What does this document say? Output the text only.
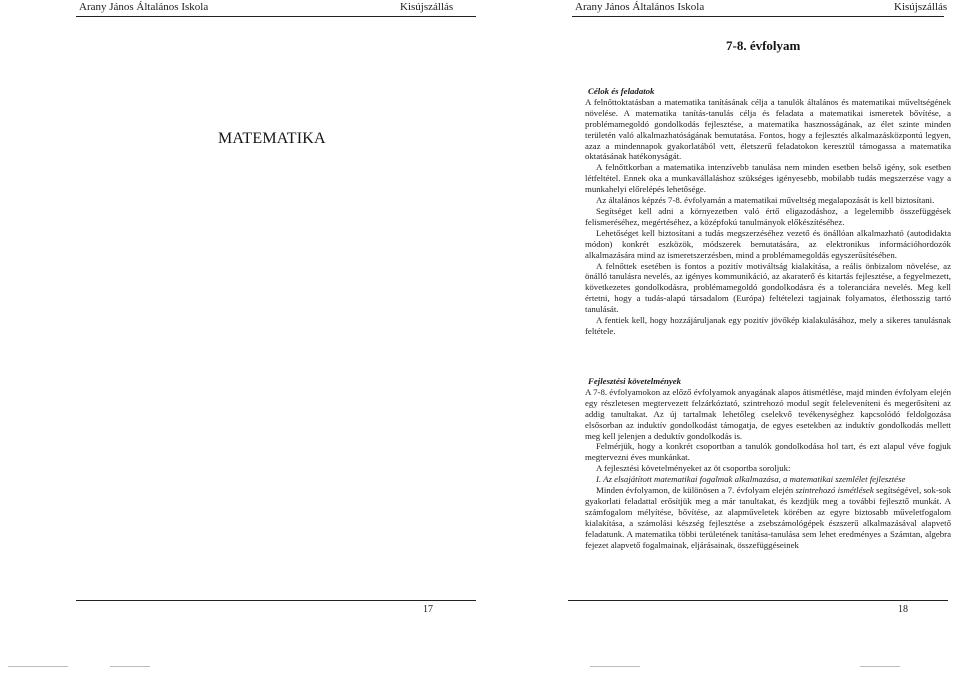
Arany János Általános Iskola	Kisújszállás
MATEMATIKA
17
Arany János Általános Iskola	Kisújszállás
7-8. évfolyam

Célok és feladatok

A felnőttoktatásban a matematika tanításának célja a tanulók általános és matematikai műveltségének növelése. A matematika tanítás-tanulás célja és feladata a matematikai ismeretek bővítése, a problémamegoldó gondolkodás fejlesztése, a matematika hasznosságának, az élet szinte minden területén való alkalmazhatóságának bemutatása. Fontos, hogy a fejlesztés alkalmazásközpontú legyen, azaz a mindennapok gyakorlatából vett, életszerű feladatokon keresztül támogassa a matematika oktatásának hatékonyságát.

A felnőttkorban a matematika intenzívebb tanulása nem minden esetben belső igény, sok esetben létfeltétel. Ennek oka a munkavállaláshoz szükséges igényesebb, mobilabb tudás megszerzése vagy a munkahelyi előrelépés lehetősége.

Az általános képzés 7-8. évfolyamán a matematikai műveltség megalapozását is kell biztosítani.

Segítséget kell adni a környezetben való értő eligazodáshoz, a legelemibb összefüggések felismeréséhez, megértéséhez, a középfokú tanulmányok előkészítéséhez.

Lehetőséget kell biztosítani a tudás megszerzéséhez vezető és önállóan alkalmazható (autodidakta módon) konkrét eszközök, módszerek bemutatására, az elektronikus információhordozók alkalmazására mind az ismeretszerzésben, mind a problémamegoldás egyszerűsítésében.

A felnőttek esetében is fontos a pozitív motiváltság kialakítása, a reális önbizalom növelése, az önálló tanulásra nevelés, az igényes kommunikáció, az akaraterő és kitartás fejlesztése, a fegyelmezett, következetes gondolkodásra, problémamegoldó gondolkodásra és a toleranciára nevelés. Meg kell értetni, hogy a tudás-alapú társadalom (Európa) feltételezi tagjainak folyamatos, élethosszig tartó tanulását.

A fentiek kell, hogy hozzájáruljanak egy pozitív jövőkép kialakulásához, mely a sikeres tanulásnak feltétele.

Fejlesztési követelmények

A 7-8. évfolyamokon az előző évfolyamok anyagának alapos átismétlése, majd minden évfolyam elején egy részletesen megtervezett felzárkóztató, szintrehozó modul segít feleleveníteni és megerősíteni az addig tanultakat. Az új tartalmak lehetőleg cselekvő tevékenységhez kapcsolódó feldolgozása elsősorban az induktív gondolkodást támogatja, de egyes esetekben az induktív gondolkodás mellett meg kell jelenjen a deduktív gondolkodás is.

Felmérjük, hogy a konkrét csoportban a tanulók gondolkodása hol tart, és ezt alapul véve fogjuk megtervezni éves munkánkat.

A fejlesztési követelményeket az öt csoportba soroljuk:

I. Az elsajátított matematikai fogalmak alkalmazása, a matematikai szemlélet fejlesztése

Minden évfolyamon, de különösen a 7. évfolyam elején szintrehozó ismétlések segítségével, sok-sok gyakorlati feladattal erősítjük meg a már tanultakat, és kezdjük meg a további fejlesztő munkát. A számfogalom mélyítése, bővítése, az alapműveletek körében az egyre biztosabb műveletfogalom kialakítása, a számolási készség fejlesztése a zsebszámológépek észszerű alkalmazásával alapvető feladatunk. A matematika többi területének tanítása-tanulása sem lehet eredményes a Számtan, algebra fejezet alapvető fogalmainak, eljárásainak, összefüggéseinek

18
